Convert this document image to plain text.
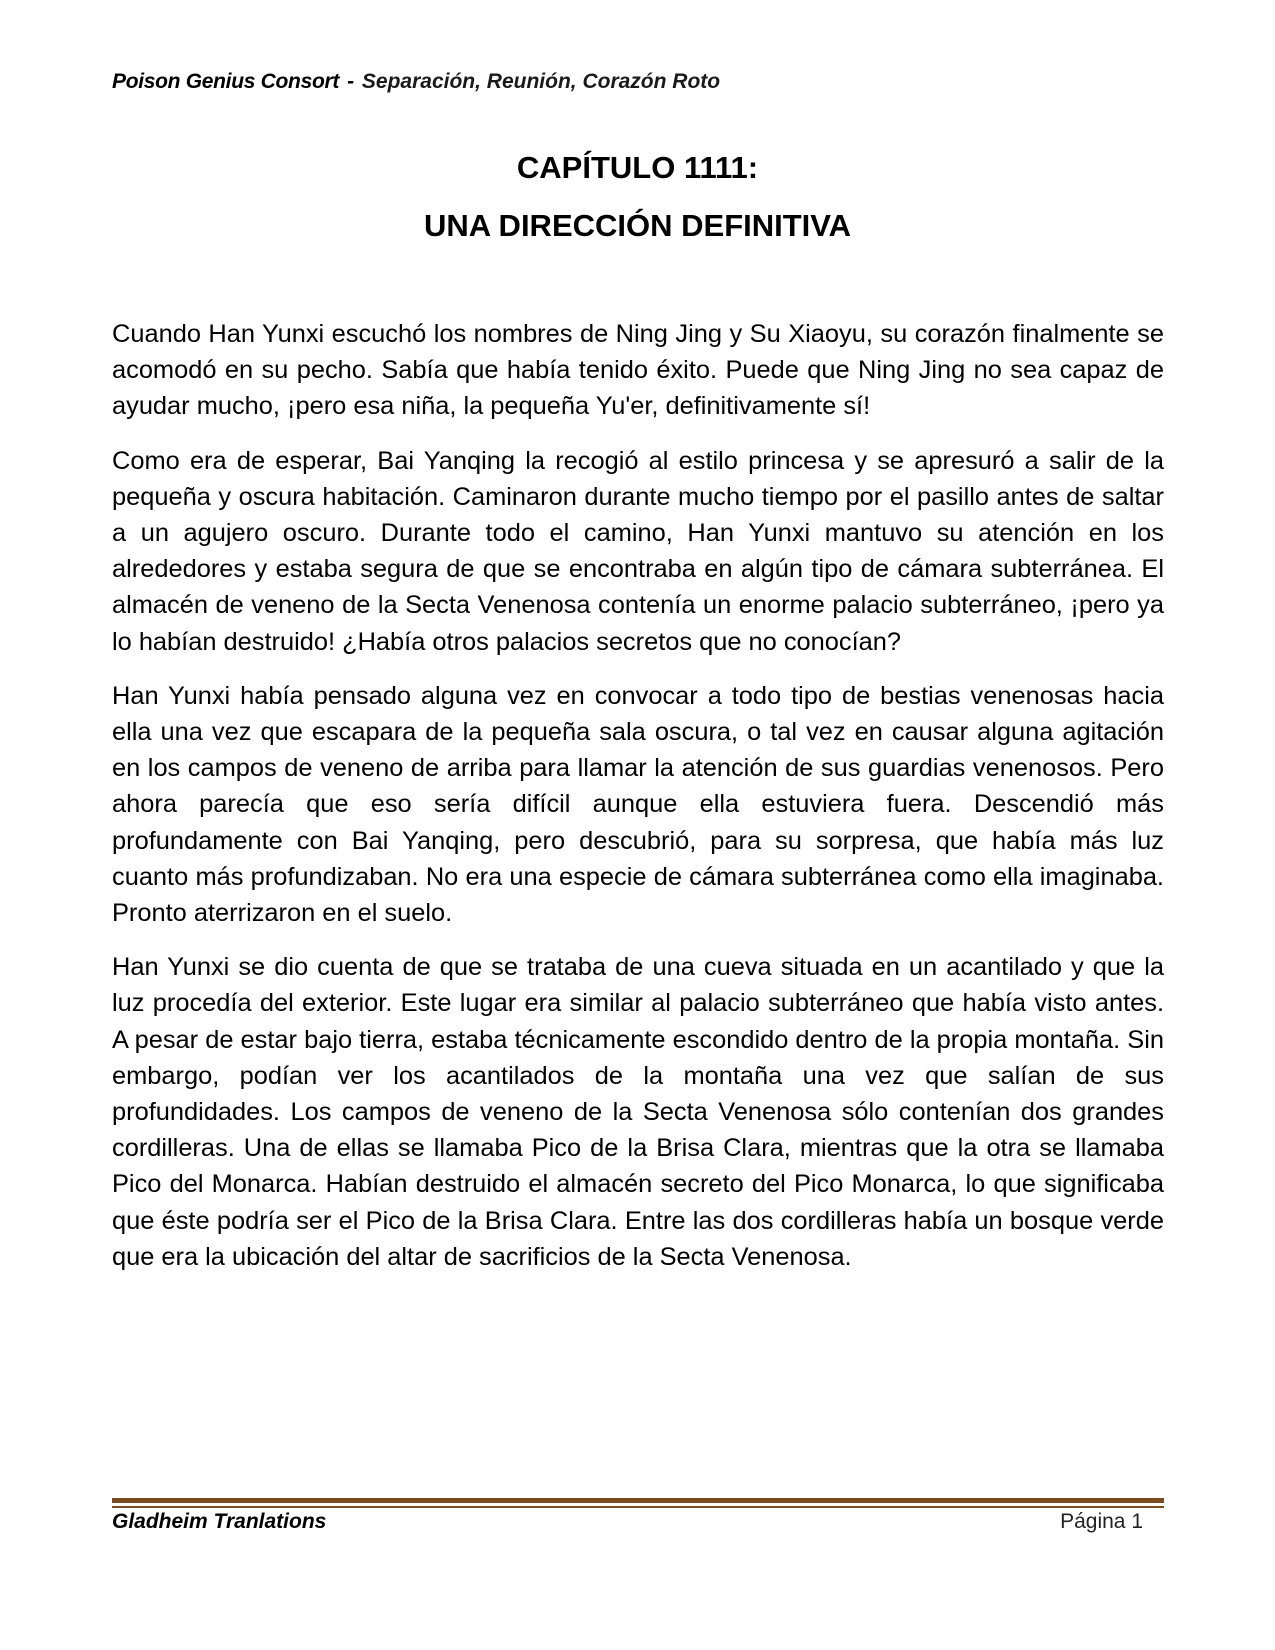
Poison Genius Consort - Separación, Reunión, Corazón Roto
CAPÍTULO 1111:
UNA DIRECCIÓN DEFINITIVA

Cuando Han Yunxi escuchó los nombres de Ning Jing y Su Xiaoyu, su corazón finalmente se acomodó en su pecho. Sabía que había tenido éxito. Puede que Ning Jing no sea capaz de ayudar mucho, ¡pero esa niña, la pequeña Yu'er, definitivamente sí!

Como era de esperar, Bai Yanqing la recogió al estilo princesa y se apresuró a salir de la pequeña y oscura habitación. Caminaron durante mucho tiempo por el pasillo antes de saltar a un agujero oscuro. Durante todo el camino, Han Yunxi mantuvo su atención en los alrededores y estaba segura de que se encontraba en algún tipo de cámara subterránea. El almacén de veneno de la Secta Venenosa contenía un enorme palacio subterráneo, ¡pero ya lo habían destruido! ¿Había otros palacios secretos que no conocían?

Han Yunxi había pensado alguna vez en convocar a todo tipo de bestias venenosas hacia ella una vez que escapara de la pequeña sala oscura, o tal vez en causar alguna agitación en los campos de veneno de arriba para llamar la atención de sus guardias venenosos. Pero ahora parecía que eso sería difícil aunque ella estuviera fuera. Descendió más profundamente con Bai Yanqing, pero descubrió, para su sorpresa, que había más luz cuanto más profundizaban. No era una especie de cámara subterránea como ella imaginaba. Pronto aterrizaron en el suelo.

Han Yunxi se dio cuenta de que se trataba de una cueva situada en un acantilado y que la luz procedía del exterior. Este lugar era similar al palacio subterráneo que había visto antes. A pesar de estar bajo tierra, estaba técnicamente escondido dentro de la propia montaña. Sin embargo, podían ver los acantilados de la montaña una vez que salían de sus profundidades. Los campos de veneno de la Secta Venenosa sólo contenían dos grandes cordilleras. Una de ellas se llamaba Pico de la Brisa Clara, mientras que la otra se llamaba Pico del Monarca. Habían destruido el almacén secreto del Pico Monarca, lo que significaba que éste podría ser el Pico de la Brisa Clara. Entre las dos cordilleras había un bosque verde que era la ubicación del altar de sacrificios de la Secta Venenosa.

Gladheim Tranlations	Página 1
